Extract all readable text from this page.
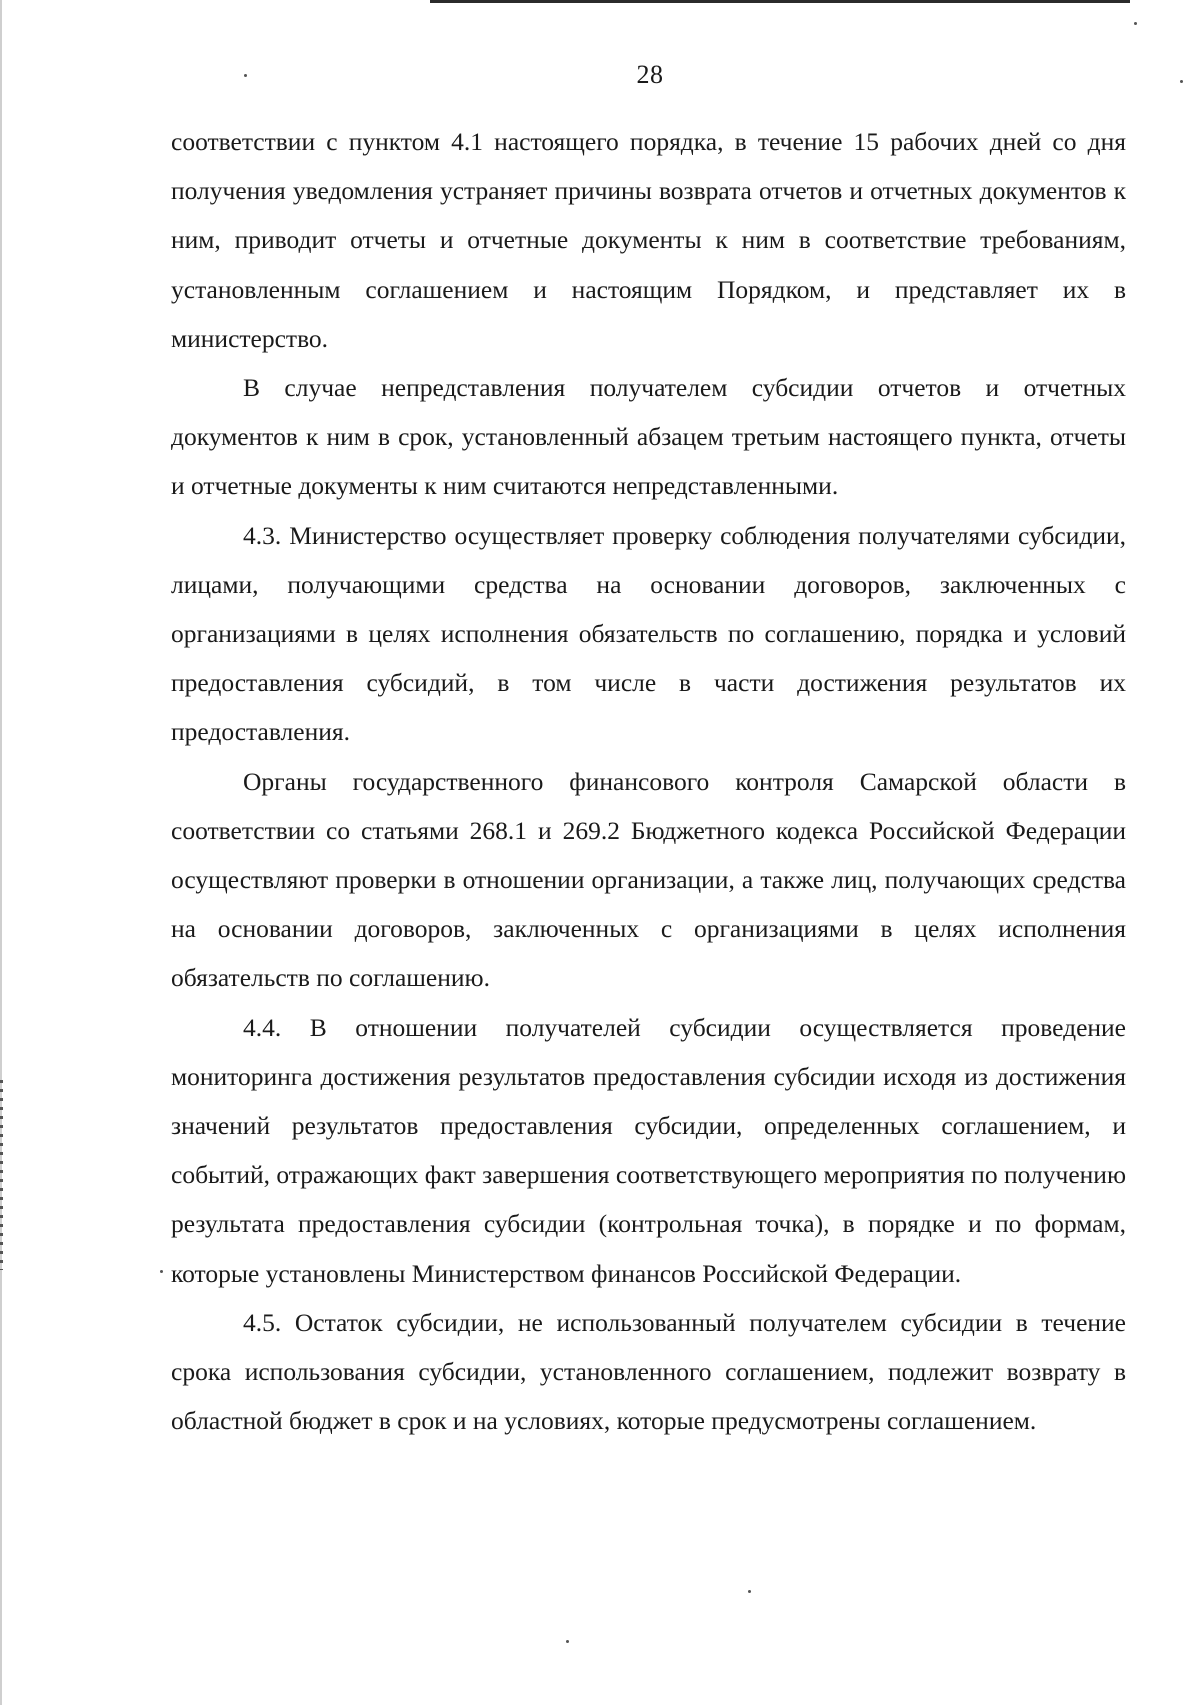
28

соответствии с пунктом 4.1 настоящего порядка, в течение 15 рабочих дней со дня получения уведомления устраняет причины возврата отчетов и отчетных документов к ним, приводит отчеты и отчетные документы к ним в соответствие требованиям, установленным соглашением и настоящим Порядком, и представляет их в министерство.

В случае непредставления получателем субсидии отчетов и отчетных документов к ним в срок, установленный абзацем третьим настоящего пункта, отчеты и отчетные документы к ним считаются непредставленными.

4.3. Министерство осуществляет проверку соблюдения получателями субсидии, лицами, получающими средства на основании договоров, заключенных с организациями в целях исполнения обязательств по соглашению, порядка и условий предоставления субсидий, в том числе в части достижения результатов их предоставления.

Органы государственного финансового контроля Самарской области в соответствии со статьями 268.1 и 269.2 Бюджетного кодекса Российской Федерации осуществляют проверки в отношении организации, а также лиц, получающих средства на основании договоров, заключенных с организациями в целях исполнения обязательств по соглашению.

4.4. В отношении получателей субсидии осуществляется проведение мониторинга достижения результатов предоставления субсидии исходя из достижения значений результатов предоставления субсидии, определенных соглашением, и событий, отражающих факт завершения соответствующего мероприятия по получению результата предоставления субсидии (контрольная точка), в порядке и по формам, которые установлены Министерством финансов Российской Федерации.

4.5. Остаток субсидии, не использованный получателем субсидии в течение срока использования субсидии, установленного соглашением, подлежит возврату в областной бюджет в срок и на условиях, которые предусмотрены соглашением.
